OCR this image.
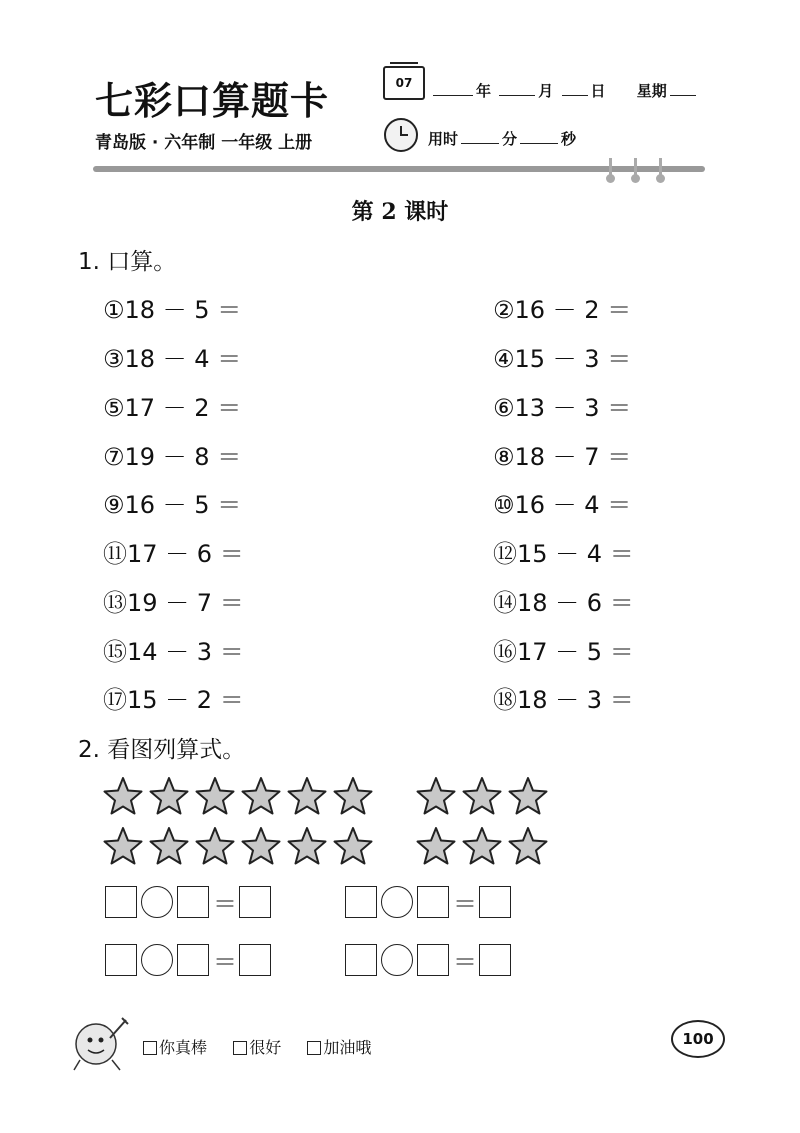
七彩口算题卡	07	年	月 日 星期
青岛版 · 六年制 一年级 上册	用时	分	秒
第 2 课时
1. 口算。
①18 － 5 ＝	②16 － 2 ＝
③18 － 4 ＝	④15 － 3 ＝
⑤17 － 2 ＝	⑥13 － 3 ＝
⑦19 － 8 ＝	⑧18 － 7 ＝
⑨16 － 5 ＝	⑩16 － 4 ＝
⑪17 － 6 ＝	⑫15 － 4 ＝
⑬19 － 7 ＝	⑭18 － 6 ＝
⑮14 － 3 ＝	⑯17 － 5 ＝
⑰15 － 2 ＝	⑱18 － 3 ＝
2. 看图列算式。
＝	＝
＝	＝
你真棒	很好	加油哦	100
